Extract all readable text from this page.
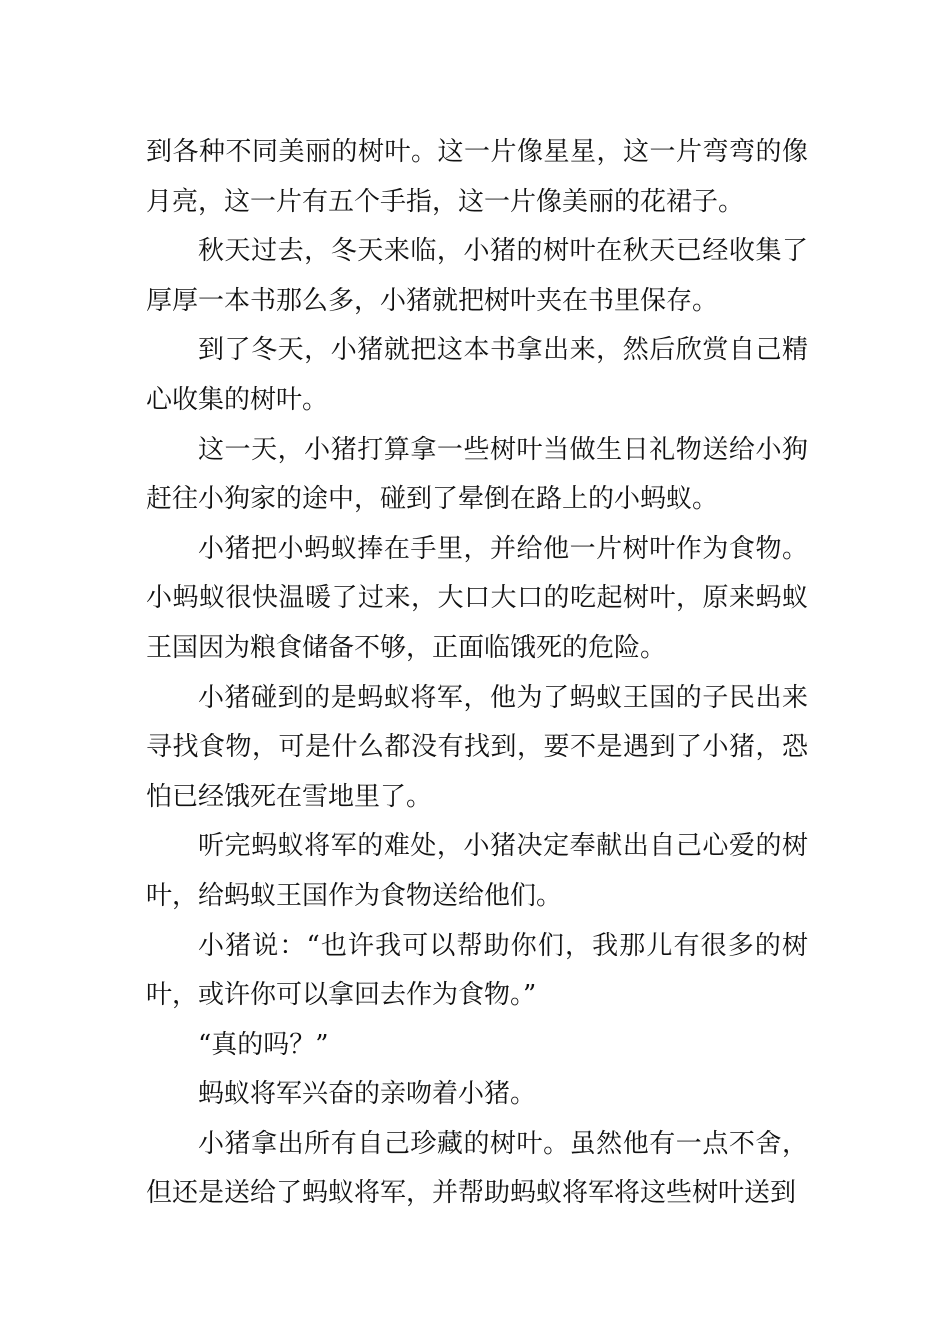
到各种不同美丽的树叶。这一片像星星，这一片弯弯的像月亮，这一片有五个手指，这一片像美丽的花裙子。

秋天过去，冬天来临，小猪的树叶在秋天已经收集了厚厚一本书那么多，小猪就把树叶夹在书里保存。

到了冬天，小猪就把这本书拿出来，然后欣赏自己精心收集的树叶。

这一天，小猪打算拿一些树叶当做生日礼物送给小狗赶往小狗家的途中，碰到了晕倒在路上的小蚂蚁。

小猪把小蚂蚁捧在手里，并给他一片树叶作为食物。小蚂蚁很快温暖了过来，大口大口的吃起树叶，原来蚂蚁王国因为粮食储备不够，正面临饿死的危险。

小猪碰到的是蚂蚁将军，他为了蚂蚁王国的子民出来寻找食物，可是什么都没有找到，要不是遇到了小猪，恐怕已经饿死在雪地里了。

听完蚂蚁将军的难处，小猪决定奉献出自己心爱的树叶，给蚂蚁王国作为食物送给他们。

小猪说：“也许我可以帮助你们，我那儿有很多的树叶，或许你可以拿回去作为食物。”

“真的吗？”

蚂蚁将军兴奋的亲吻着小猪。

小猪拿出所有自己珍藏的树叶。虽然他有一点不舍，但还是送给了蚂蚁将军，并帮助蚂蚁将军将这些树叶送到
